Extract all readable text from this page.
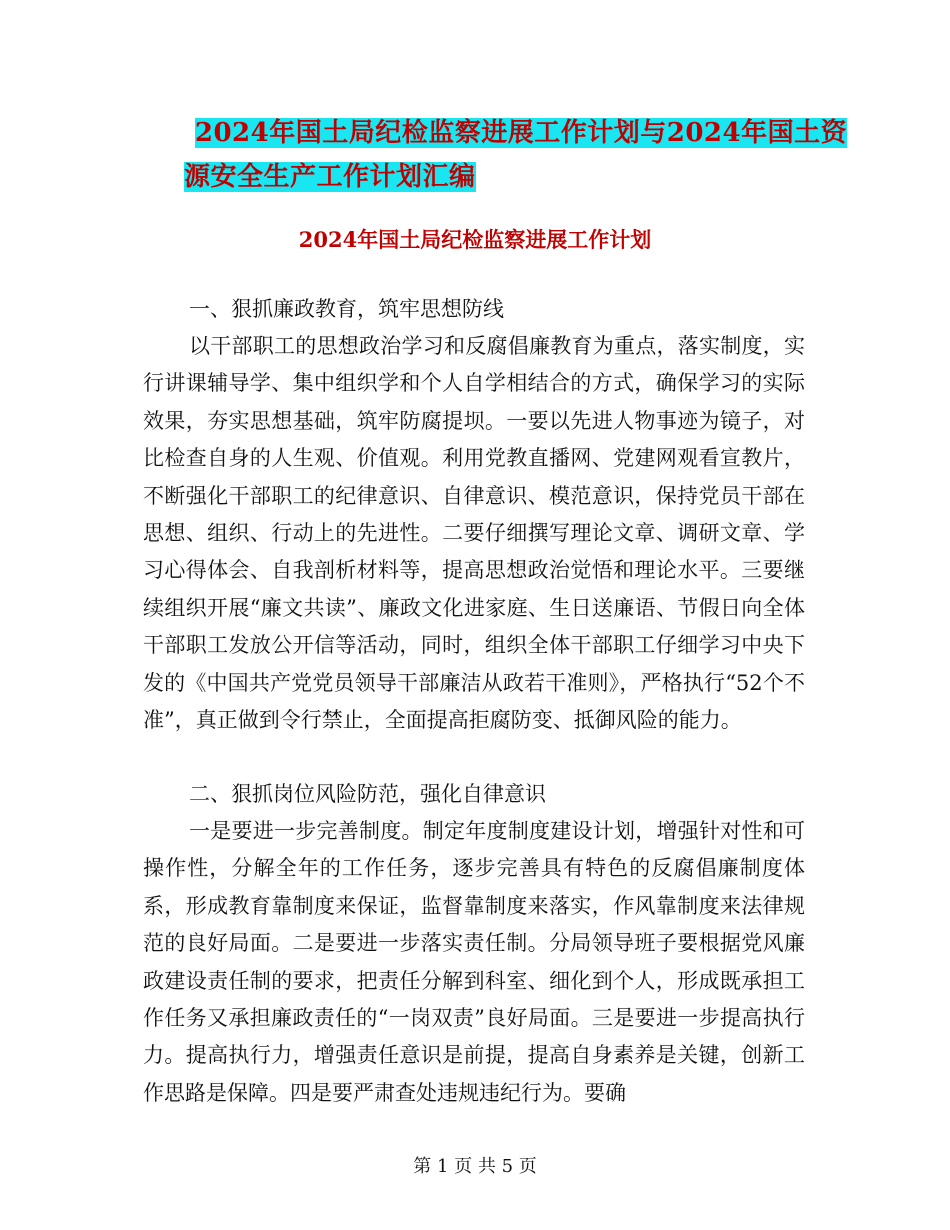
2024年国土局纪检监察进展工作计划与2024年国土资
源安全生产工作计划汇编
2024年国土局纪检监察进展工作计划
一、狠抓廉政教育，筑牢思想防线

以干部职工的思想政治学习和反腐倡廉教育为重点，落实制度，实行讲课辅导学、集中组织学和个人自学相结合的方式，确保学习的实际效果，夯实思想基础，筑牢防腐提坝。一要以先进人物事迹为镜子，对比检查自身的人生观、价值观。利用党教直播网、党建网观看宣教片，不断强化干部职工的纪律意识、自律意识、模范意识，保持党员干部在思想、组织、行动上的先进性。二要仔细撰写理论文章、调研文章、学习心得体会、自我剖析材料等，提高思想政治觉悟和理论水平。三要继续组织开展“廉文共读”、廉政文化进家庭、生日送廉语、节假日向全体干部职工发放公开信等活动，同时，组织全体干部职工仔细学习中央下发的《中国共产党党员领导干部廉洁从政若干准则》，严格执行“52个不准”，真正做到令行禁止，全面提高拒腐防变、抵御风险的能力。

二、狠抓岗位风险防范，强化自律意识

一是要进一步完善制度。制定年度制度建设计划，增强针对性和可操作性，分解全年的工作任务，逐步完善具有特色的反腐倡廉制度体系，形成教育靠制度来保证，监督靠制度来落实，作风靠制度来法律规范的良好局面。二是要进一步落实责任制。分局领导班子要根据党风廉政建设责任制的要求，把责任分解到科室、细化到个人，形成既承担工作任务又承担廉政责任的“一岗双责”良好局面。三是要进一步提高执行力。提高执行力，增强责任意识是前提，提高自身素养是关键，创新工作思路是保障。四是要严肃查处违规违纪行为。要确

第 1 页 共 5 页
